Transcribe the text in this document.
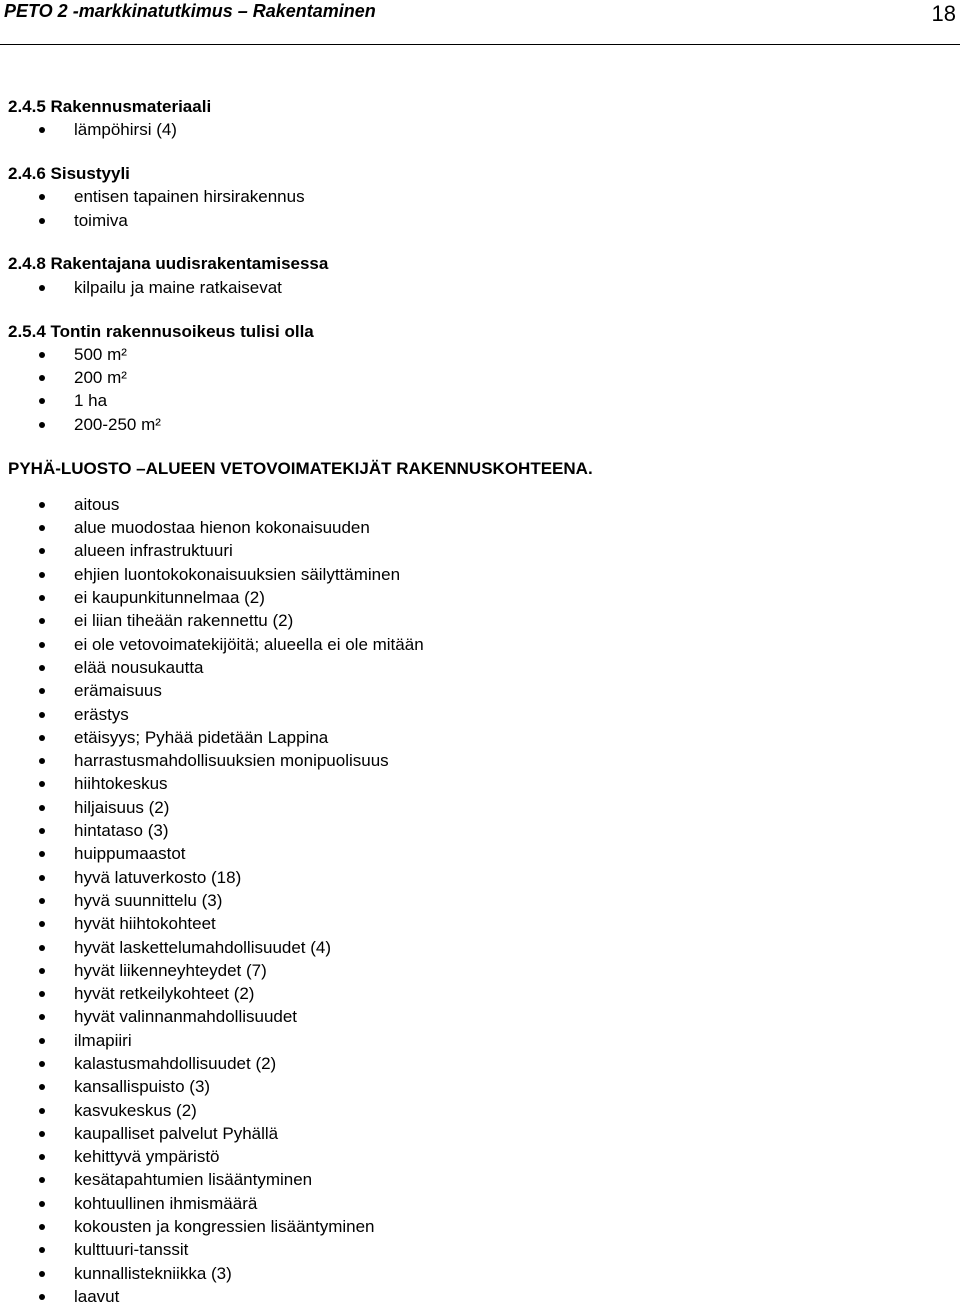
PETO 2 -markkinatutkimus – Rakentaminen	18

2.4.5 Rakennusmateriaali

lämpöhirsi (4)

2.4.6 Sisustyyli

entisen tapainen hirsirakennus
toimiva

2.4.8 Rakentajana uudisrakentamisessa

kilpailu ja maine ratkaisevat

2.5.4 Tontin rakennusoikeus tulisi olla

500 m²
200 m²
1 ha
200-250 m²

PYHÄ-LUOSTO –ALUEEN VETOVOIMATEKIJÄT RAKENNUSKOHTEENA.

aitous
alue muodostaa hienon kokonaisuuden
alueen infrastruktuuri
ehjien luontokokonaisuuksien säilyttäminen
ei kaupunkitunnelmaa (2)
ei liian tiheään rakennettu (2)
ei ole vetovoimatekijöitä; alueella ei ole mitään
elää nousukautta
erämaisuus
erästys
etäisyys; Pyhää pidetään Lappina
harrastusmahdollisuuksien monipuolisuus
hiihtokeskus
hiljaisuus (2)
hintataso (3)
huippumaastot
hyvä latuverkosto (18)
hyvä suunnittelu (3)
hyvät hiihtokohteet
hyvät laskettelumahdollisuudet (4)
hyvät liikenneyhteydet (7)
hyvät retkeilykohteet (2)
hyvät valinnanmahdollisuudet
ilmapiiri
kalastusmahdollisuudet (2)
kansallispuisto (3)
kasvukeskus (2)
kaupalliset palvelut Pyhällä
kehittyvä ympäristö
kesätapahtumien lisääntyminen
kohtuullinen ihmismäärä
kokousten ja kongressien lisääntyminen
kulttuuri-tanssit
kunnallistekniikka (3)
laavut
